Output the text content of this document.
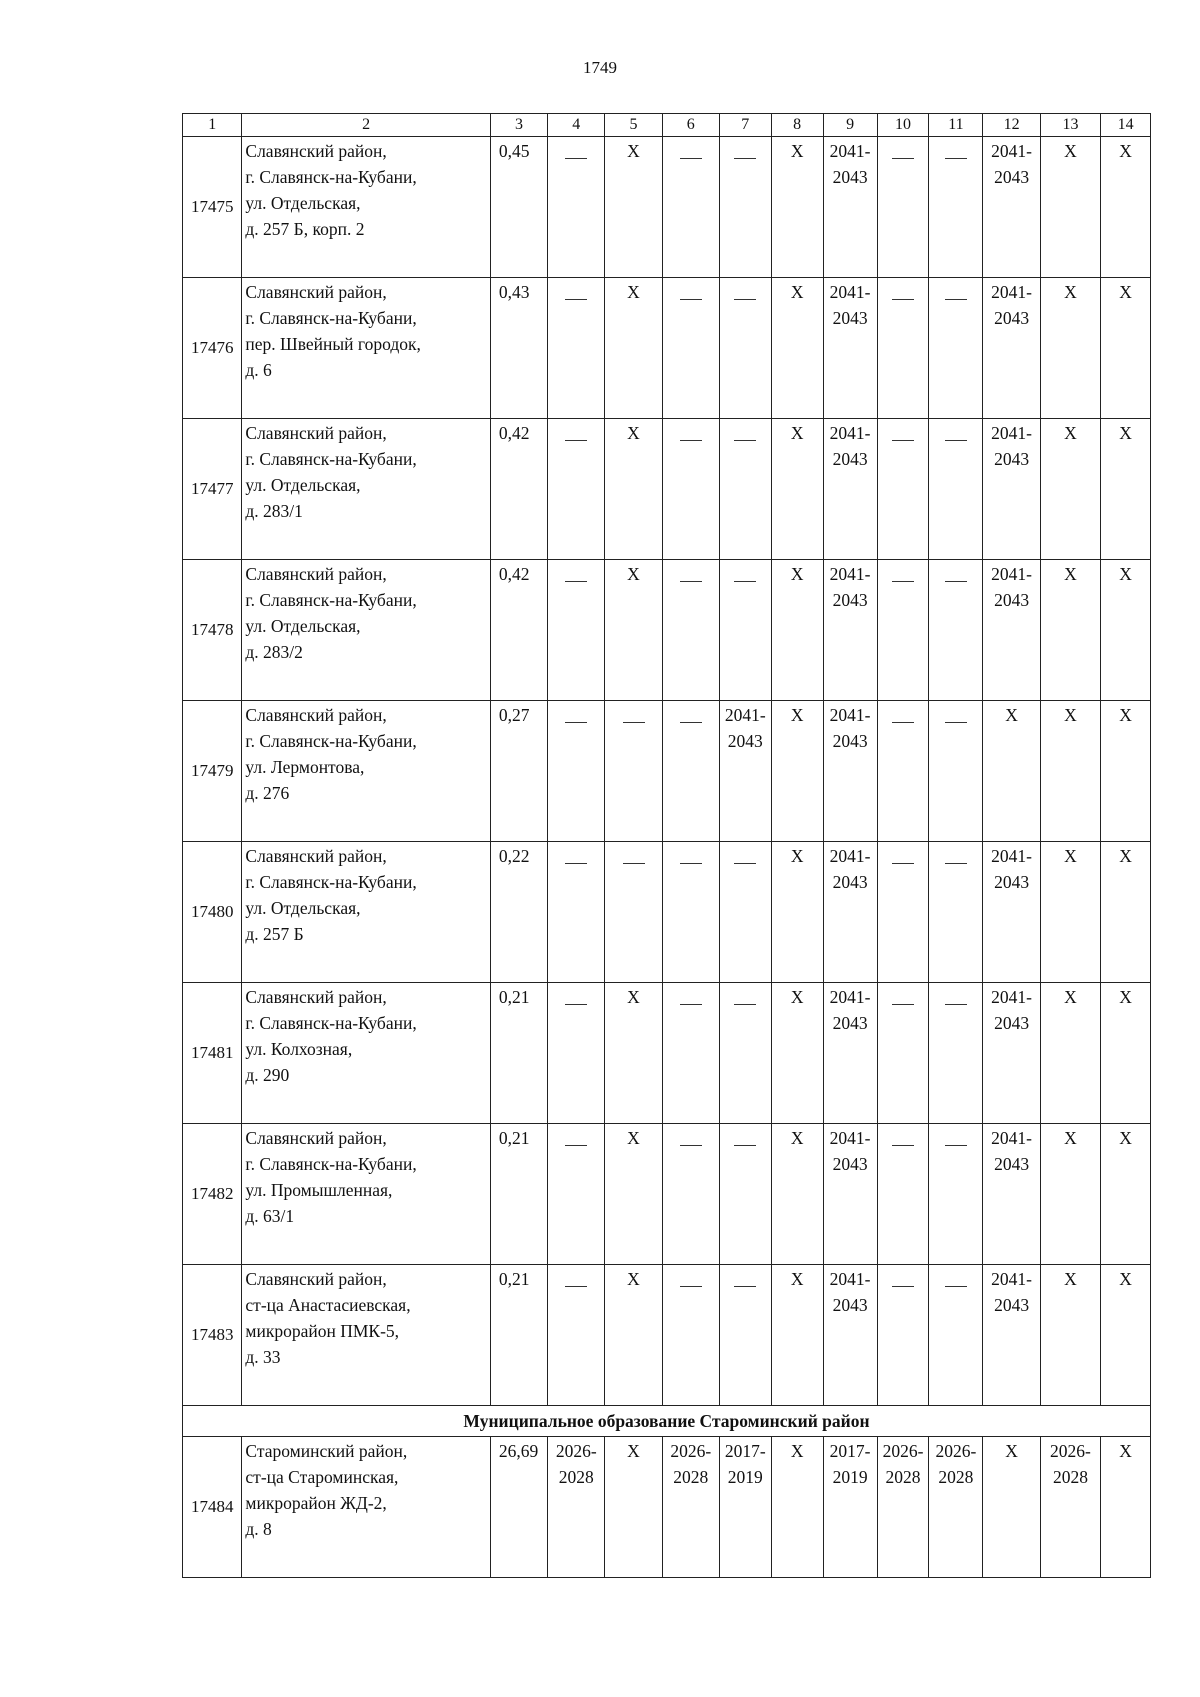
1749
1	2	3	4	5	6	7	8	9	10	11	12	13	14
17475	Славянский район,
г. Славянск-на-Кубани,
ул. Отдельская,
д. 257 Б, корп. 2	0,45		Х			Х	2041-
2043			2041-
2043	Х	Х

17476	Славянский район,
г. Славянск-на-Кубани,
пер. Швейный городок,
д. 6	0,43		Х			Х	2041-
2043			2041-
2043	Х	Х

17477	Славянский район,
г. Славянск-на-Кубани,
ул. Отдельская,
д. 283/1	0,42		Х			Х	2041-
2043			2041-
2043	Х	Х

17478	Славянский район,
г. Славянск-на-Кубани,
ул. Отдельская,
д. 283/2	0,42		Х			Х	2041-
2043			2041-
2043	Х	Х

17479	Славянский район,
г. Славянск-на-Кубани,
ул. Лермонтова,
д. 276	0,27				2041-
2043	Х	2041-
2043			Х	Х	Х

17480	Славянский район,
г. Славянск-на-Кубани,
ул. Отдельская,
д. 257 Б	0,22					Х	2041-
2043			2041-
2043	Х	Х

17481	Славянский район,
г. Славянск-на-Кубани,
ул. Колхозная,
д. 290	0,21		Х			Х	2041-
2043			2041-
2043	Х	Х

17482	Славянский район,
г. Славянск-на-Кубани,
ул. Промышленная,
д. 63/1	0,21		Х			Х	2041-
2043			2041-
2043	Х	Х

17483	Славянский район,
ст-ца Анастасиевская,
микрорайон ПМК-5,
д. 33	0,21		Х			Х	2041-
2043			2041-
2043	Х	Х

Муниципальное образование Староминский район													
17484	Староминский район,
ст-ца Староминская,
микрорайон ЖД-2,
д. 8	26,69	2026-
2028	Х	2026-
2028	2017-
2019	Х	2017-
2019	2026-
2028	2026-
2028	Х	2026-
2028	Х
